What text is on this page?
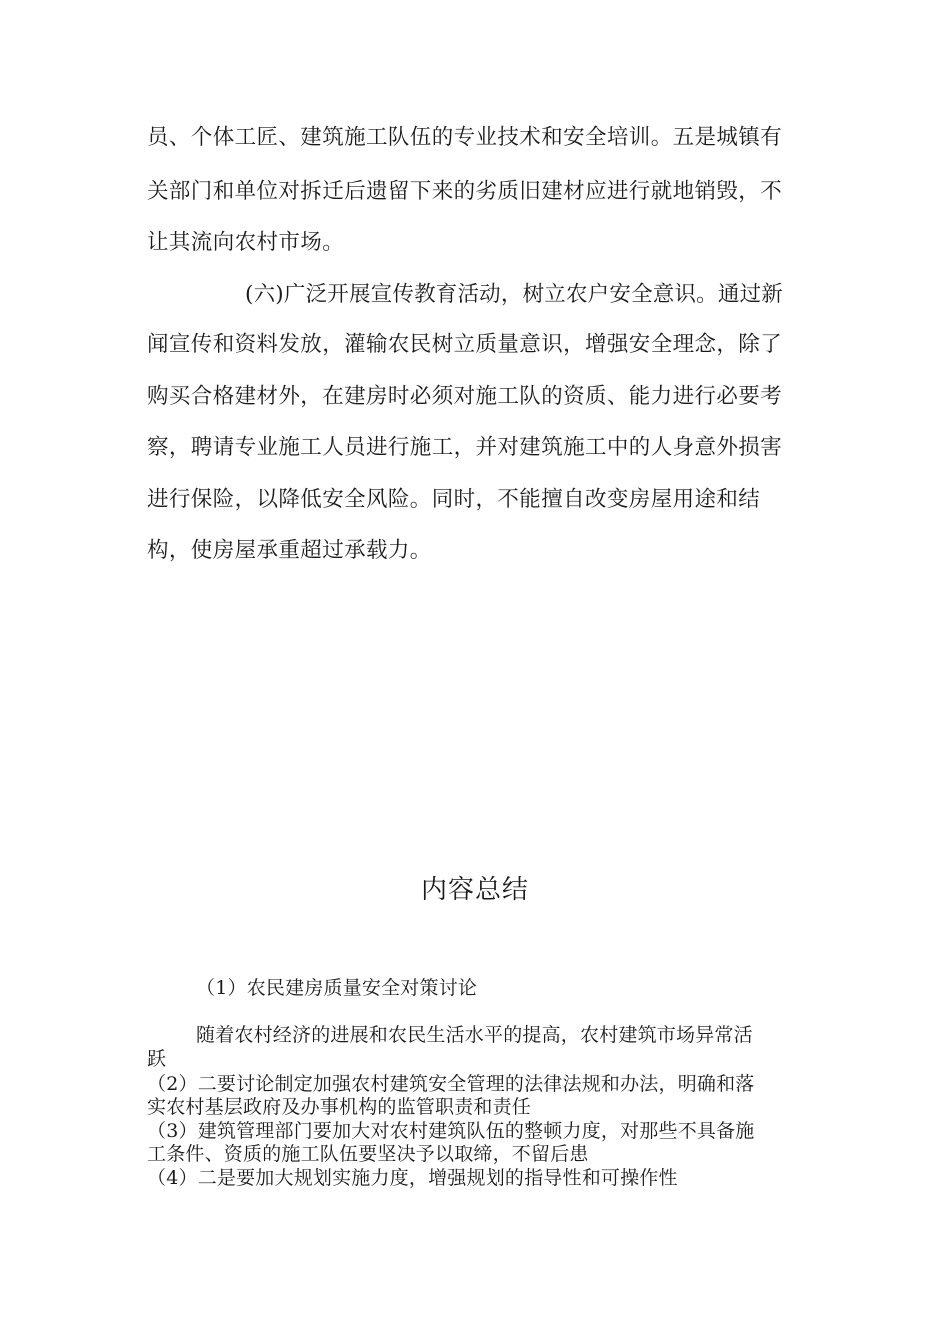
员、个体工匠、建筑施工队伍的专业技术和安全培训。五是城镇有
关部门和单位对拆迁后遗留下来的劣质旧建材应进行就地销毁，不
让其流向农村市场。
(六)广泛开展宣传教育活动，树立农户安全意识。通过新
闻宣传和资料发放，灌输农民树立质量意识，增强安全理念，除了
购买合格建材外，在建房时必须对施工队的资质、能力进行必要考
察，聘请专业施工人员进行施工，并对建筑施工中的人身意外损害
进行保险，以降低安全风险。同时，不能擅自改变房屋用途和结
构，使房屋承重超过承载力。
内容总结
（1）农民建房质量安全对策讨论
随着农村经济的进展和农民生活水平的提高，农村建筑市场异常活
跃
（2）二要讨论制定加强农村建筑安全管理的法律法规和办法，明确和落
实农村基层政府及办事机构的监管职责和责任
（3）建筑管理部门要加大对农村建筑队伍的整顿力度，对那些不具备施
工条件、资质的施工队伍要坚决予以取缔，不留后患
（4）二是要加大规划实施力度，增强规划的指导性和可操作性
